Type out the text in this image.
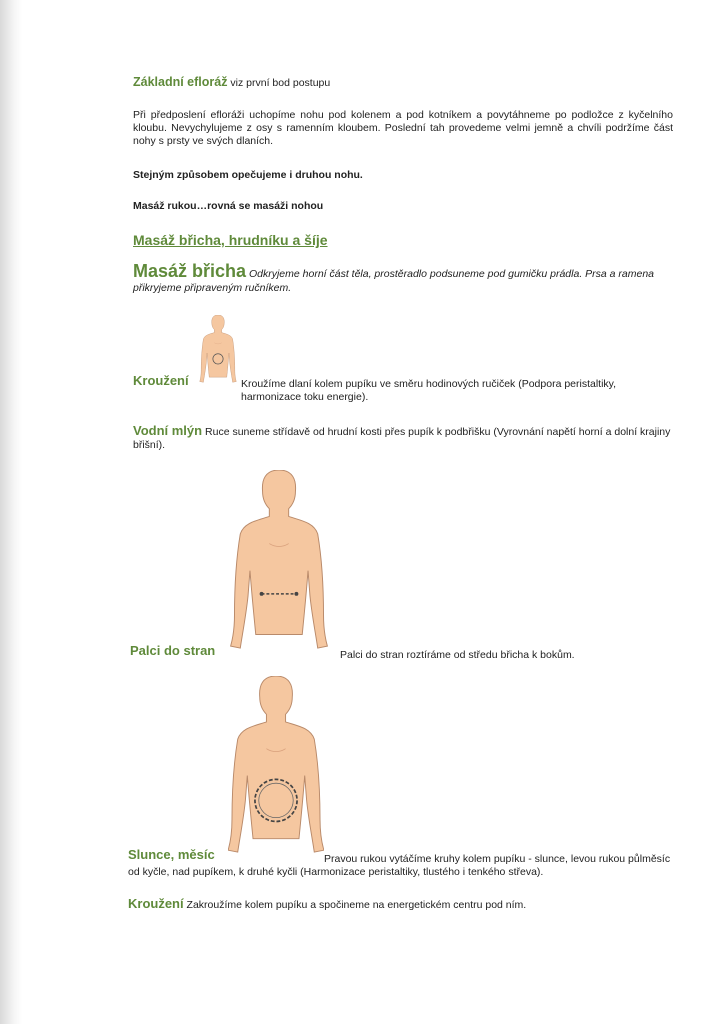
Základní efloráž viz první bod postupu
Při předposlení efloráži uchopíme nohu pod kolenem a pod kotníkem a povytáhneme po podložce z kyčelního kloubu. Nevychylujeme z osy s ramenním kloubem. Poslední tah provedeme velmi jemně a chvíli podržíme část nohy s prsty ve svých dlaních.
Stejným způsobem opečujeme i druhou nohu.
Masáž rukou…rovná se masáži nohou
Masáž břicha, hrudníku a šíje
Masáž břicha Odkryjeme horní část těla, prostěradlo podsuneme pod gumičku prádla. Prsa a ramena přikryjeme připraveným ručníkem.
Kroužení	Kroužíme dlaní kolem pupíku ve směru hodinových ručiček (Podpora peristaltiky, harmonizace toku energie).
Vodní mlýn Ruce suneme střídavě od hrudní kosti přes pupík k podbřišku (Vyrovnání napětí horní a dolní krajiny břišní).
Palci do stran	Palci do stran roztíráme od středu břicha k bokům.
Slunce, měsíc	Pravou rukou vytáčíme kruhy kolem pupíku - slunce, levou rukou půlměsíc od kyčle, nad pupíkem, k druhé kyčli (Harmonizace peristaltiky, tlustého i tenkého střeva).
Kroužení Zakroužíme kolem pupíku a spočineme na energetickém centru pod ním.
